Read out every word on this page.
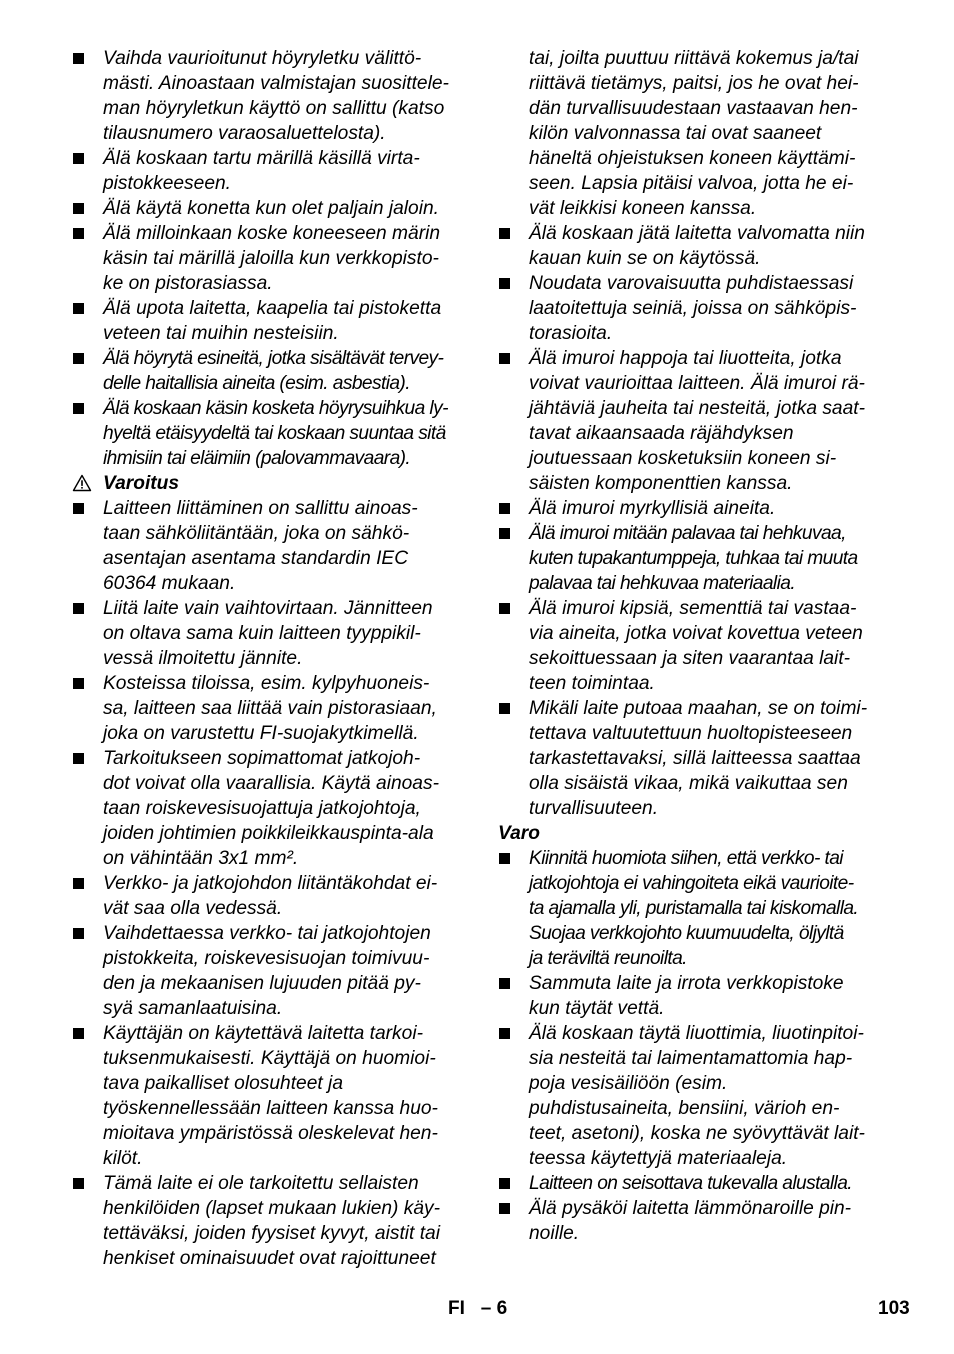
Vaihda vaurioitunut höyryletku välittö-
mästi. Ainoastaan valmistajan suosittele-
man höyryletkun käyttö on sallittu (katso
tilausnumero varaosaluettelosta).
Älä koskaan tartu märillä käsillä virta-
pistokkeeseen.
Älä käytä konetta kun olet paljain jaloin.
Älä milloinkaan koske koneeseen märin
käsin tai märillä jaloilla kun verkkopisto-
ke on pistorasiassa.
Älä upota laitetta, kaapelia tai pistoketta
veteen tai muihin nesteisiin.
Älä höyrytä esineitä, jotka sisältävät tervey-
delle haitallisia aineita (esim. asbestia).
Älä koskaan käsin kosketa höyrysuihkua ly-
hyeltä etäisyydeltä tai koskaan suuntaa sitä
ihmisiin tai eläimiin (palovammavaara).
Varoitus
Laitteen liittäminen on sallittu ainoas-
taan sähköliitäntään, joka on sähkö-
asentajan asentama standardin IEC
60364 mukaan.
Liitä laite vain vaihtovirtaan. Jännitteen
on oltava sama kuin laitteen tyyppikil-
vessä ilmoitettu jännite.
Kosteissa tiloissa, esim. kylpyhuoneis-
sa, laitteen saa liittää vain pistorasiaan,
joka on varustettu FI-suojakytkimellä.
Tarkoitukseen sopimattomat jatkojoh-
dot voivat olla vaarallisia. Käytä ainoas-
taan roiskevesisuojattuja jatkojohtoja,
joiden johtimien poikkileikkauspinta-ala
on vähintään 3x1 mm².
Verkko- ja jatkojohdon liitäntäkohdat ei-
vät saa olla vedessä.
Vaihdettaessa verkko- tai jatkojohtojen
pistokkeita, roiskevesisuojan toimivuu-
den ja mekaanisen lujuuden pitää py-
syä samanlaatuisina.
Käyttäjän on käytettävä laitetta tarkoi-
tuksenmukaisesti. Käyttäjä on huomioi-
tava paikalliset olosuhteet ja
työskennellessään laitteen kanssa huo-
mioitava ympäristössä oleskelevat hen-
kilöt.
Tämä laite ei ole tarkoitettu sellaisten
henkilöiden (lapset mukaan lukien) käy-
tettäväksi, joiden fyysiset kyvyt, aistit tai
henkiset ominaisuudet ovat rajoittuneet
tai, joilta puuttuu riittävä kokemus ja/tai
riittävä tietämys, paitsi, jos he ovat hei-
dän turvallisuudestaan vastaavan hen-
kilön valvonnassa tai ovat saaneet
häneltä ohjeistuksen koneen käyttämi-
seen. Lapsia pitäisi valvoa, jotta he ei-
vät leikkisi koneen kanssa.
Älä koskaan jätä laitetta valvomatta niin
kauan kuin se on käytössä.
Noudata varovaisuutta puhdistaessasi
laatoitettuja seiniä, joissa on sähköpis-
torasioita.
Älä imuroi happoja tai liuotteita, jotka
voivat vaurioittaa laitteen. Älä imuroi rä-
jähtäviä jauheita tai nesteitä, jotka saat-
tavat aikaansaada räjähdyksen
joutuessaan kosketuksiin koneen si-
säisten komponenttien kanssa.
Älä imuroi myrkyllisiä aineita.
Älä imuroi mitään palavaa tai hehkuvaa,
kuten tupakantumppeja, tuhkaa tai muuta
palavaa tai hehkuvaa materiaalia.
Älä imuroi kipsiä, sementtiä tai vastaa-
via aineita, jotka voivat kovettua veteen
sekoittuessaan ja siten vaarantaa lait-
teen toimintaa.
Mikäli laite putoaa maahan, se on toimi-
tettava valtuutettuun huoltopisteeseen
tarkastettavaksi, sillä laitteessa saattaa
olla sisäistä vikaa, mikä vaikuttaa sen
turvallisuuteen.
Varo
Kiinnitä huomiota siihen, että verkko- tai
jatkojohtoja ei vahingoiteta eikä vaurioite-
ta ajamalla yli, puristamalla tai kiskomalla.
Suojaa verkkojohto kuumuudelta, öljyltä
ja teräviltä reunoilta.
Sammuta laite ja irrota verkkopistoke
kun täytät vettä.
Älä koskaan täytä liuottimia, liuotinpitoi-
sia nesteitä tai laimentamattomia hap-
poja vesisäiliöön (esim.
puhdistusaineita, bensiini, värioh en-
teet, asetoni), koska ne syövyttävät lait-
teessa käytettyjä materiaaleja.
Laitteen on seisottava tukevalla alustalla.
Älä pysäköi laitetta lämmönaroille pin-
noille.
FI – 6	103
